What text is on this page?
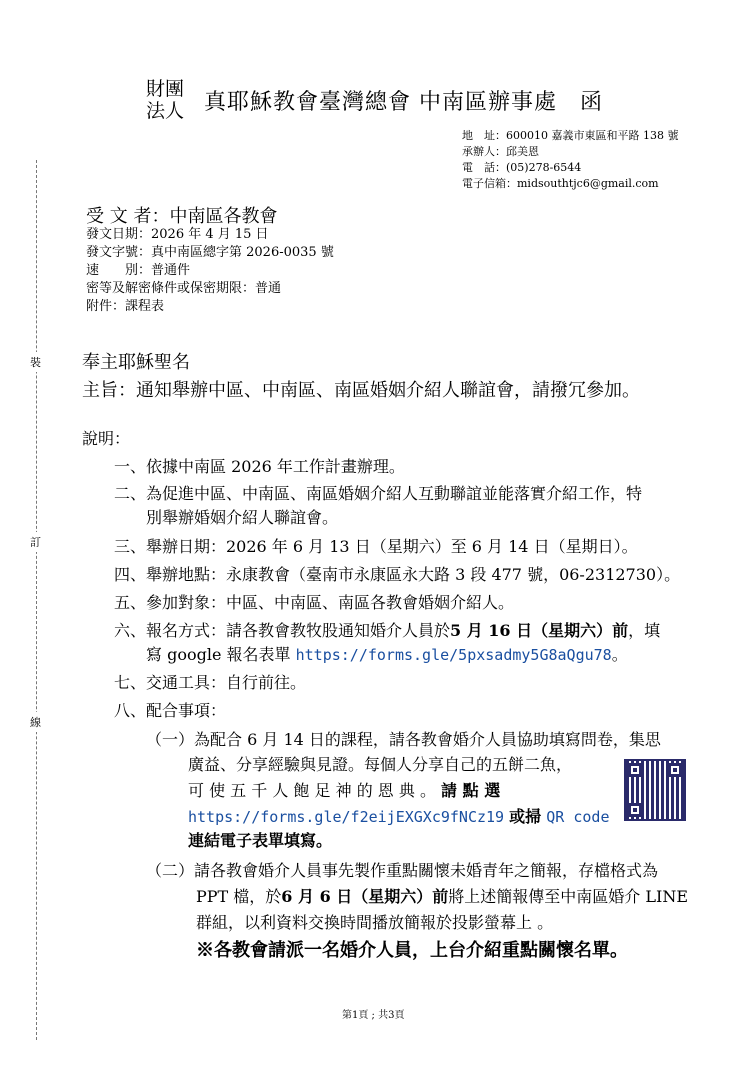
財團
法人 真耶穌教會臺灣總會 中南區辦事處　函
地　址：600010 嘉義市東區和平路 138 號
承辦人：邱美恩
電　話：(05)278-6544
電子信箱：midsouthtjc6@gmail.com
受 文 者：中南區各教會
發文日期：2026 年 4 月 15 日
發文字號：真中南區總字第 2026-0035 號
速　　別：普通件
密等及解密條件或保密期限：普通
附件：課程表
裝
訂
線
奉主耶穌聖名
主旨：通知舉辦中區、中南區、南區婚姻介紹人聯誼會，請撥冗參加。
說明：
一、依據中南區 2026 年工作計畫辦理。
二、為促進中區、中南區、南區婚姻介紹人互動聯誼並能落實介紹工作，特
別舉辦婚姻介紹人聯誼會。
三、舉辦日期：2026 年 6 月 13 日（星期六）至 6 月 14 日（星期日）。
四、舉辦地點：永康教會（臺南市永康區永大路 3 段 477 號，06-2312730）。
五、參加對象：中區、中南區、南區各教會婚姻介紹人。
六、報名方式：請各教會教牧股通知婚介人員於5 月 16 日（星期六）前，填
寫 google 報名表單 https://forms.gle/5pxsadmy5G8aQgu78。
七、交通工具：自行前往。
八、配合事項：
（一）為配合 6 月 14 日的課程，請各教會婚介人員協助填寫問卷，集思
廣益、分享經驗與見證。每個人分享自己的五餅二魚，
可 使 五 千 人 飽 足 神 的 恩 典 。 請 點 選
https://forms.gle/f2eijEXGXc9fNCz19 或掃 QR code
連結電子表單填寫。
（二）請各教會婚介人員事先製作重點關懷未婚青年之簡報，存檔格式為
PPT 檔，於6 月 6 日（星期六）前將上述簡報傳至中南區婚介 LINE
群組，以利資料交換時間播放簡報於投影螢幕上 。
※各教會請派一名婚介人員，上台介紹重點關懷名單。
第1頁 ; 共3頁
